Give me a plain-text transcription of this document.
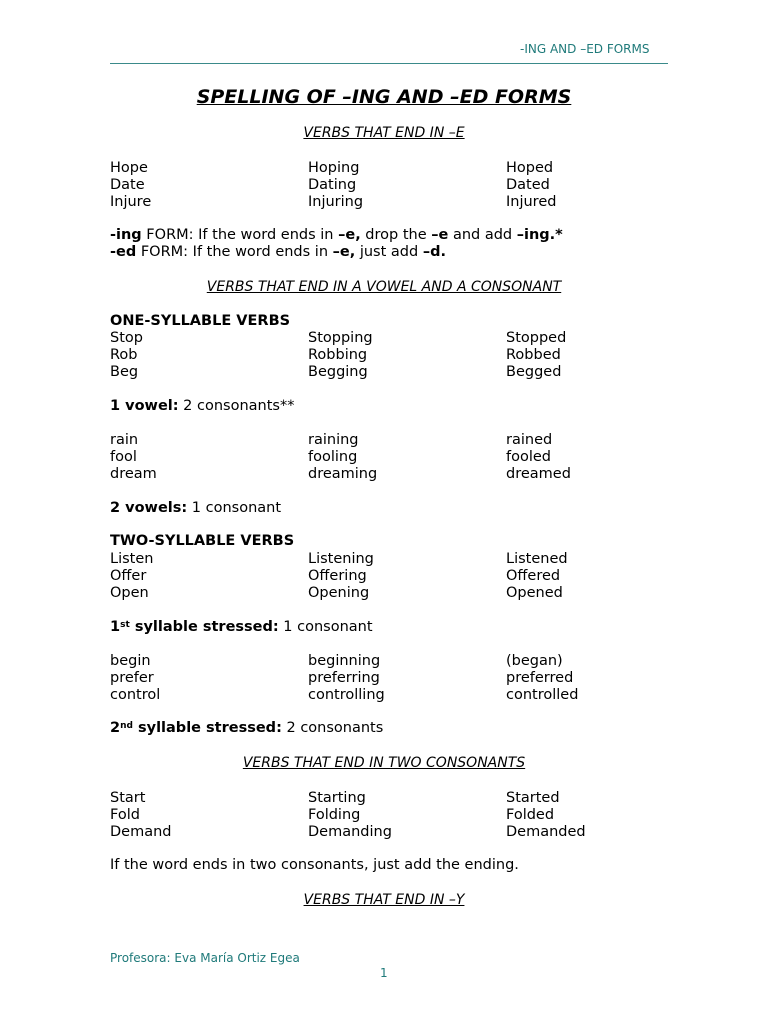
-ING AND –ED FORMS
SPELLING OF –ING AND –ED FORMS
VERBS THAT END IN –E
Hope	Hoping	Hoped
Date	Dating	Dated
Injure	Injuring	Injured
-ing FORM: If the word ends in –e, drop the –e and add –ing.*
-ed FORM: If the word ends in –e, just add –d.
VERBS THAT END IN A VOWEL AND A CONSONANT
ONE-SYLLABLE VERBS
Stop	Stopping	Stopped
Rob	Robbing	Robbed
Beg	Begging	Begged
1 vowel: 2 consonants**
rain	raining	rained
fool	fooling	fooled
dream	dreaming	dreamed
2 vowels: 1 consonant
TWO-SYLLABLE VERBS
Listen	Listening	Listened
Offer	Offering	Offered
Open	Opening	Opened
1st syllable stressed: 1 consonant
begin	beginning	(began)
prefer	preferring	preferred
control	controlling	controlled
2nd syllable stressed: 2 consonants
VERBS THAT END IN TWO CONSONANTS
Start	Starting	Started
Fold	Folding	Folded
Demand	Demanding	Demanded
If the word ends in two consonants, just add the ending.
VERBS THAT END IN –Y
Profesora: Eva María Ortiz Egea
1
